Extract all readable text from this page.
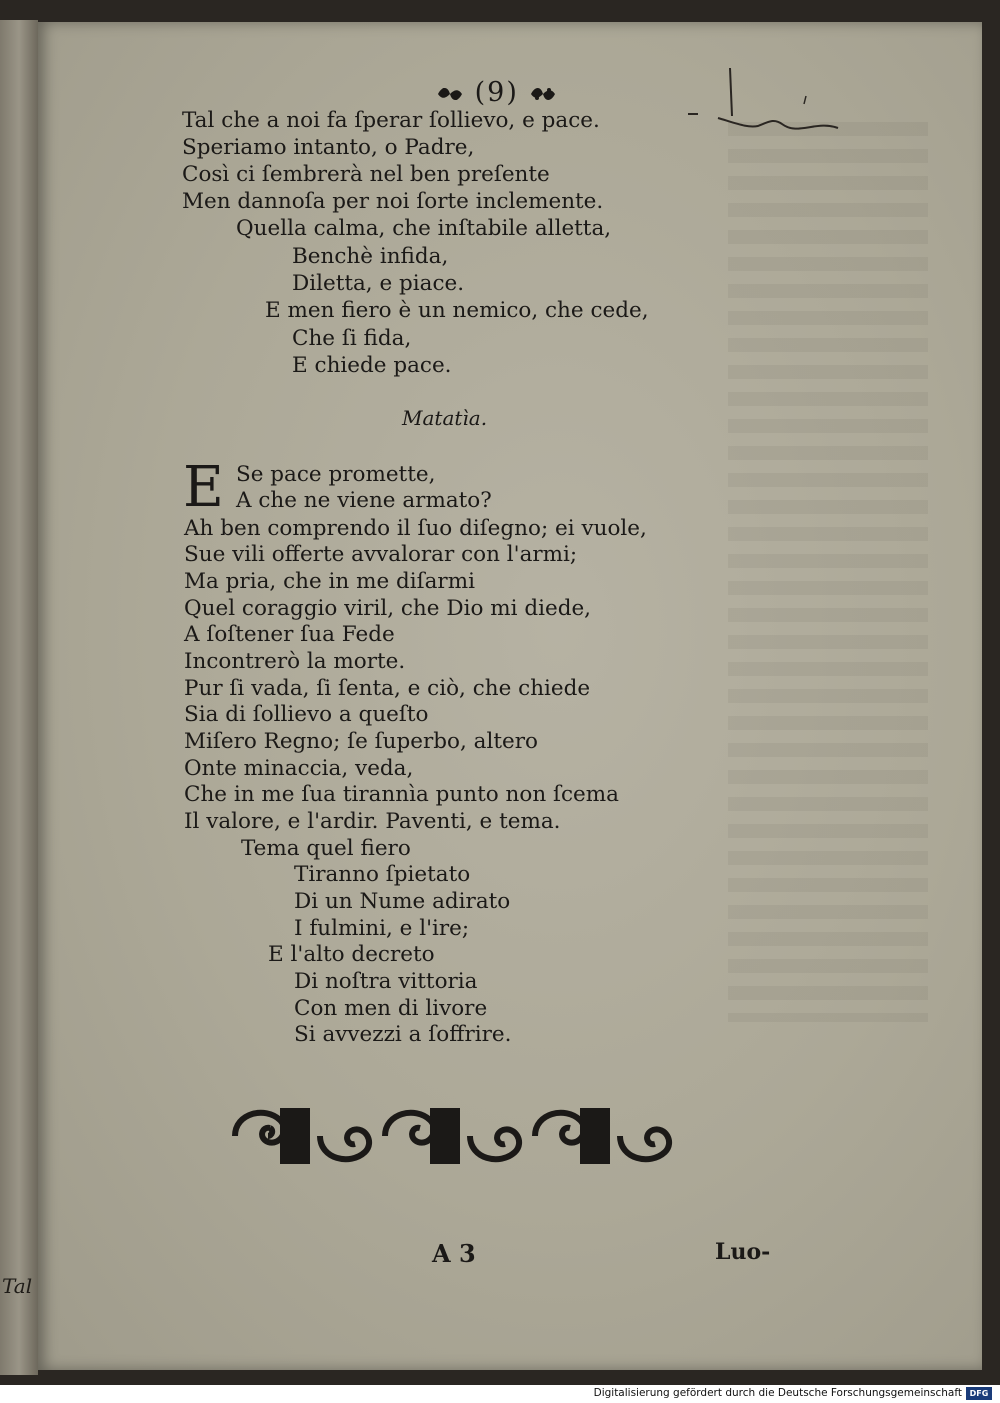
Tal
(9)
Tal che a noi fa ſperar ſollievo, e pace.
Speriamo intanto, o Padre,
Così ci ſembrerà nel ben preſente
Men dannoſa per noi ſorte inclemente.
Quella calma, che inſtabile alletta,
Benchè infida,
Diletta, e piace.
E men fiero è un nemico, che cede,
Che ſi fida,
E chiede pace.
Matatìa.
E Se pace promette,
A che ne viene armato?
Ah ben comprendo il ſuo diſegno; ei vuole,
Sue vili offerte avvalorar con l'armi;
Ma pria, che in me diſarmi
Quel coraggio viril, che Dio mi diede,
A ſoſtener ſua Fede
Incontrerò la morte.
Pur ſi vada, ſi ſenta, e ciò, che chiede
Sia di ſollievo a queſto
Miſero Regno; ſe ſuperbo, altero
Onte minaccia, veda,
Che in me ſua tirannìa punto non ſcema
Il valore, e l'ardir. Paventi, e tema.
Tema quel fiero
Tiranno ſpietato
Di un Nume adirato
I fulmini, e l'ire;
E l'alto decreto
Di noſtra vittoria
Con men di livore
Si avvezzi a ſoffrire.
A 3	Luo-
Digitalisierung gefördert durch die Deutsche Forschungsgemeinschaft DFG
